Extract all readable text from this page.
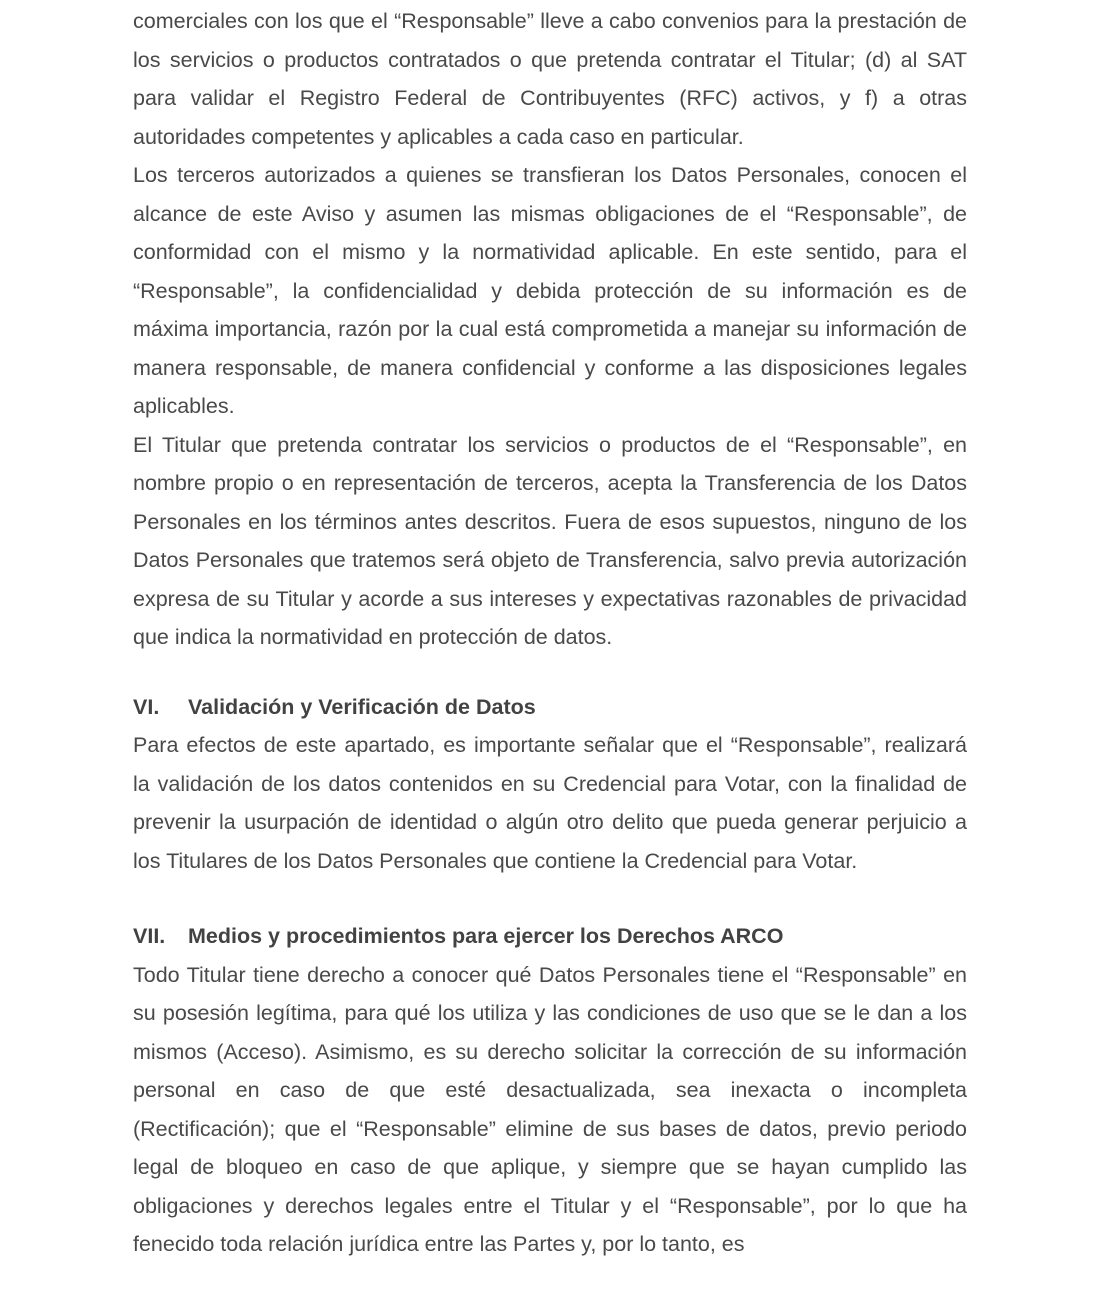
comerciales con los que el “Responsable” lleve a cabo convenios para la prestación de los servicios o productos contratados o que pretenda contratar el Titular; (d) al SAT para validar el Registro Federal de Contribuyentes (RFC) activos, y f) a otras autoridades competentes y aplicables a cada caso en particular.

Los terceros autorizados a quienes se transfieran los Datos Personales, conocen el alcance de este Aviso y asumen las mismas obligaciones de el “Responsable”, de conformidad con el mismo y la normatividad aplicable. En este sentido, para el “Responsable”, la confidencialidad y debida protección de su información es de máxima importancia, razón por la cual está comprometida a manejar su información de manera responsable, de manera confidencial y conforme a las disposiciones legales aplicables.

El Titular que pretenda contratar los servicios o productos de el “Responsable”, en nombre propio o en representación de terceros, acepta la Transferencia de los Datos Personales en los términos antes descritos. Fuera de esos supuestos, ninguno de los Datos Personales que tratemos será objeto de Transferencia, salvo previa autorización expresa de su Titular y acorde a sus intereses y expectativas razonables de privacidad que indica la normatividad en protección de datos.

VI. Validación y Verificación de Datos

Para efectos de este apartado, es importante señalar que el “Responsable”, realizará la validación de los datos contenidos en su Credencial para Votar, con la finalidad de prevenir la usurpación de identidad o algún otro delito que pueda generar perjuicio a los Titulares de los Datos Personales que contiene la Credencial para Votar.

VII. Medios y procedimientos para ejercer los Derechos ARCO

Todo Titular tiene derecho a conocer qué Datos Personales tiene el “Responsable” en su posesión legítima, para qué los utiliza y las condiciones de uso que se le dan a los mismos (Acceso). Asimismo, es su derecho solicitar la corrección de su información personal en caso de que esté desactualizada, sea inexacta o incompleta (Rectificación); que el “Responsable” elimine de sus bases de datos, previo periodo legal de bloqueo en caso de que aplique, y siempre que se hayan cumplido las obligaciones y derechos legales entre el Titular y el “Responsable”, por lo que ha fenecido toda relación jurídica entre las Partes y, por lo tanto, es
